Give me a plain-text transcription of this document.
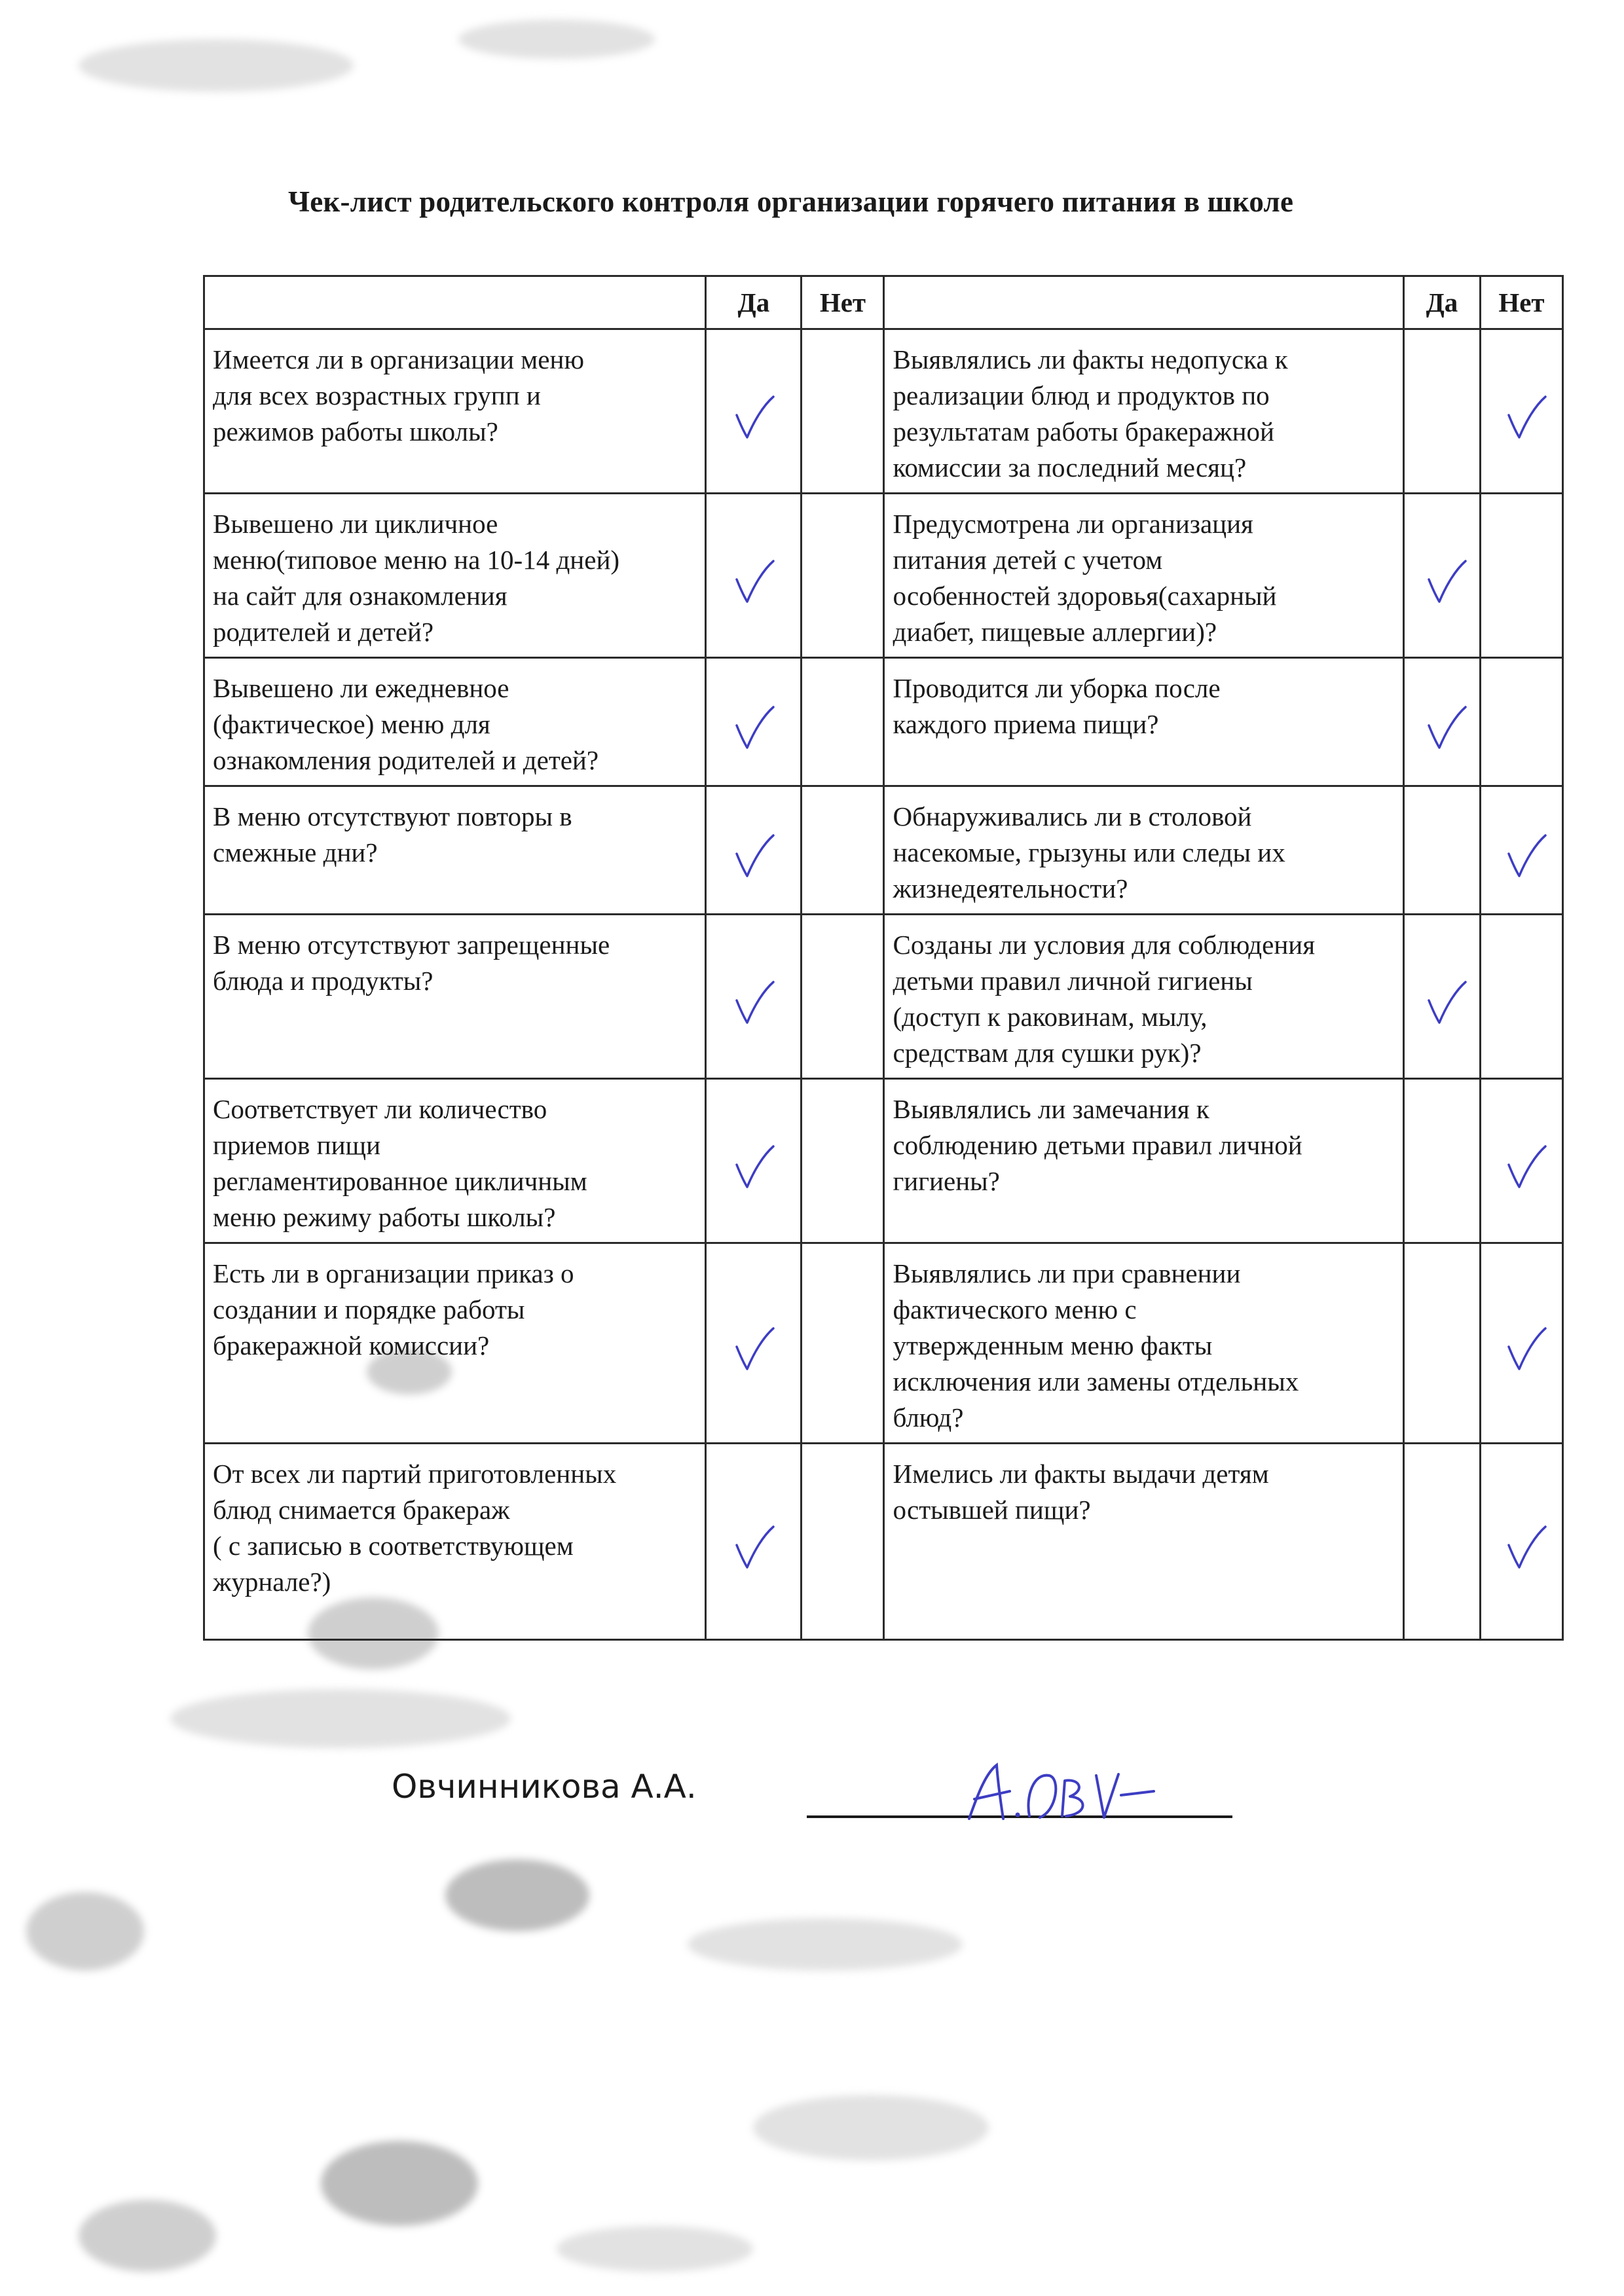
Чек-лист родительского контроля организации горячего питания в школе
	Да	Нет		Да	Нет

Имеется ли в организации меню
для всех возрастных групп и
режимов работы школы?			Выявлялись ли факты недопуска к
реализации блюд и продуктов по
результатам работы бракеражной
комиссии за последний месяц?

Вывешено ли цикличное
меню(типовое меню на 10-14 дней)
на сайт для ознакомления
родителей и детей?			Предусмотрена ли организация
питания детей с учетом
особенностей здоровья(сахарный
диабет, пищевые аллергии)?

Вывешено ли ежедневное
(фактическое) меню для
ознакомления родителей и детей?			Проводится ли уборка после
каждого приема пищи?

В меню отсутствуют повторы в
смежные дни?			Обнаруживались ли в столовой
насекомые, грызуны или следы их
жизнедеятельности?

В меню отсутствуют запрещенные
блюда и продукты?			Созданы ли условия для соблюдения
детьми правил личной гигиены
(доступ к раковинам, мылу,
средствам для сушки рук)?

Соответствует ли количество
приемов пищи
регламентированное цикличным
меню режиму работы школы?			Выявлялись ли замечания к
соблюдению детьми правил личной
гигиены?

Есть ли в организации приказ о
создании и порядке работы
бракеражной комиссии?			Выявлялись ли при сравнении
фактического меню с
утвержденным меню факты
исключения или замены отдельных
блюд?

От всех ли партий приготовленных
блюд снимается бракераж
( с записью в соответствующем
журнале?)			Имелись ли факты выдачи детям
остывшей пищи?

Овчинникова А.А.
